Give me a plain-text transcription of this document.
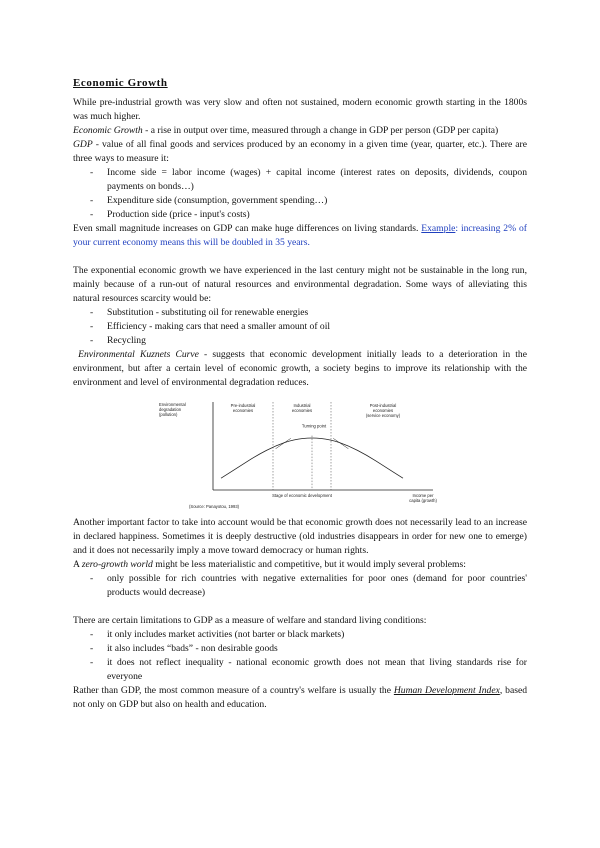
Economic Growth

While pre-industrial growth was very slow and often not sustained, modern economic growth starting in the 1800s was much higher.

Economic Growth - a rise in output over time, measured through a change in GDP per person (GDP per capita)

GDP - value of all final goods and services produced by an economy in a given time (year, quarter, etc.). There are three ways to measure it:

- Income side = labor income (wages) + capital income (interest rates on deposits, dividends, coupon payments on bonds…)
- Expenditure side (consumption, government spending…)
- Production side (price - input's costs)

Even small magnitude increases on GDP can make huge differences on living standards. Example: increasing 2% of your current economy means this will be doubled in 35 years.

The exponential economic growth we have experienced in the last century might not be sustainable in the long run, mainly because of a run-out of natural resources and environmental degradation. Some ways of alleviating this natural resources scarcity would be:

- Substitution - substituting oil for renewable energies
- Efficiency - making cars that need a smaller amount of oil
- Recycling

Environmental Kuznets Curve - suggests that economic development initially leads to a deterioration in the environment, but after a certain level of economic growth, a society begins to improve its relationship with the environment and level of environmental degradation reduces.

Environmental
degradation
(pollution)
Pre-industrial
economies
Industrial
economies
Post-industrial
economies
(service economy)
Turning point
Stage of economic development	Income per
capita (growth)
(Source: Panayotou, 1993)

Another important factor to take into account would be that economic growth does not necessarily lead to an increase in declared happiness. Sometimes it is deeply destructive (old industries disappears in order for new one to emerge) and it does not necessarily imply a move toward democracy or human rights.

A zero-growth world might be less materialistic and competitive, but it would imply several problems:

- only possible for rich countries with negative externalities for poor ones (demand for poor countries' products would decrease)

There are certain limitations to GDP as a measure of welfare and standard living conditions:

- it only includes market activities (not barter or black markets)
- it also includes “bads” - non desirable goods
- it does not reflect inequality - national economic growth does not mean that living standards rise for everyone

Rather than GDP, the most common measure of a country's welfare is usually the Human Development Index, based not only on GDP but also on health and education.
